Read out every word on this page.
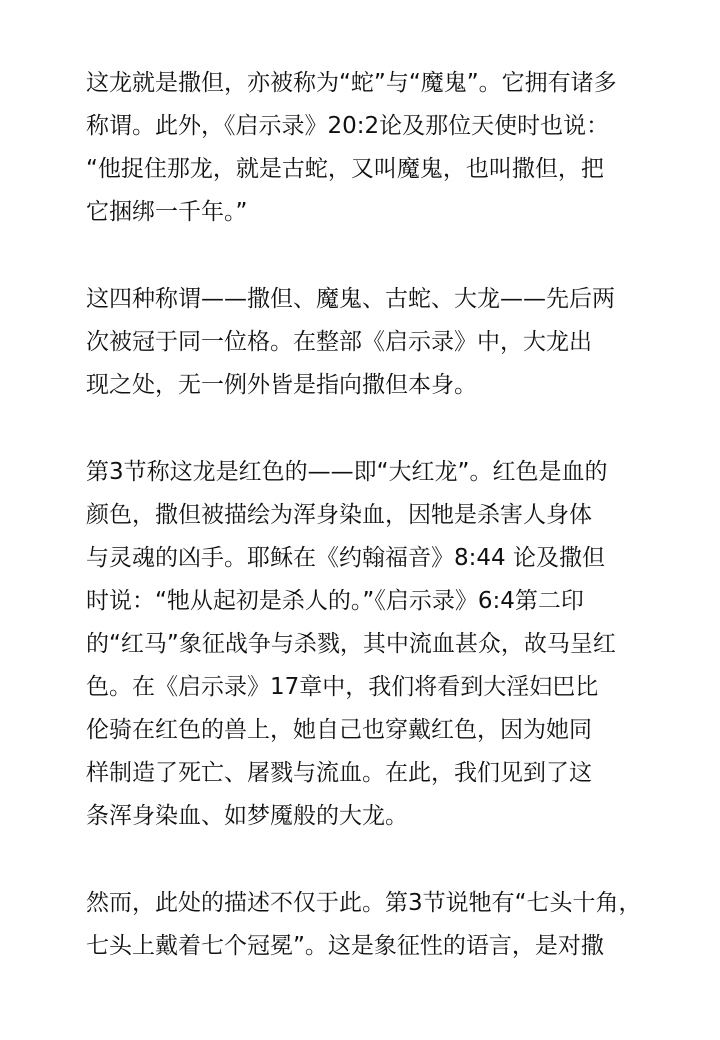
这龙就是撒但，亦被称为“蛇”与“魔鬼”。它拥有诸多
称谓。此外，《启示录》20:2论及那位天使时也说：
“他捉住那龙，就是古蛇，又叫魔鬼，也叫撒但，把
它捆绑一千年。”
这四种称谓——撒但、魔鬼、古蛇、大龙——先后两
次被冠于同一位格。在整部《启示录》中，大龙出
现之处，无一例外皆是指向撒但本身。
第3节称这龙是红色的——即“大红龙”。红色是血的
颜色，撒但被描绘为浑身染血，因牠是杀害人身体
与灵魂的凶手。耶稣在《约翰福音》8:44 论及撒但
时说：“牠从起初是杀人的。”《启示录》6:4第二印
的“红马”象征战争与杀戮，其中流血甚众，故马呈红
色。在《启示录》17章中，我们将看到大淫妇巴比
伦骑在红色的兽上，她自己也穿戴红色，因为她同
样制造了死亡、屠戮与流血。在此，我们见到了这
条浑身染血、如梦魇般的大龙。
然而，此处的描述不仅于此。第3节说牠有“七头十角，
七头上戴着七个冠冕”。这是象征性的语言，是对撒
